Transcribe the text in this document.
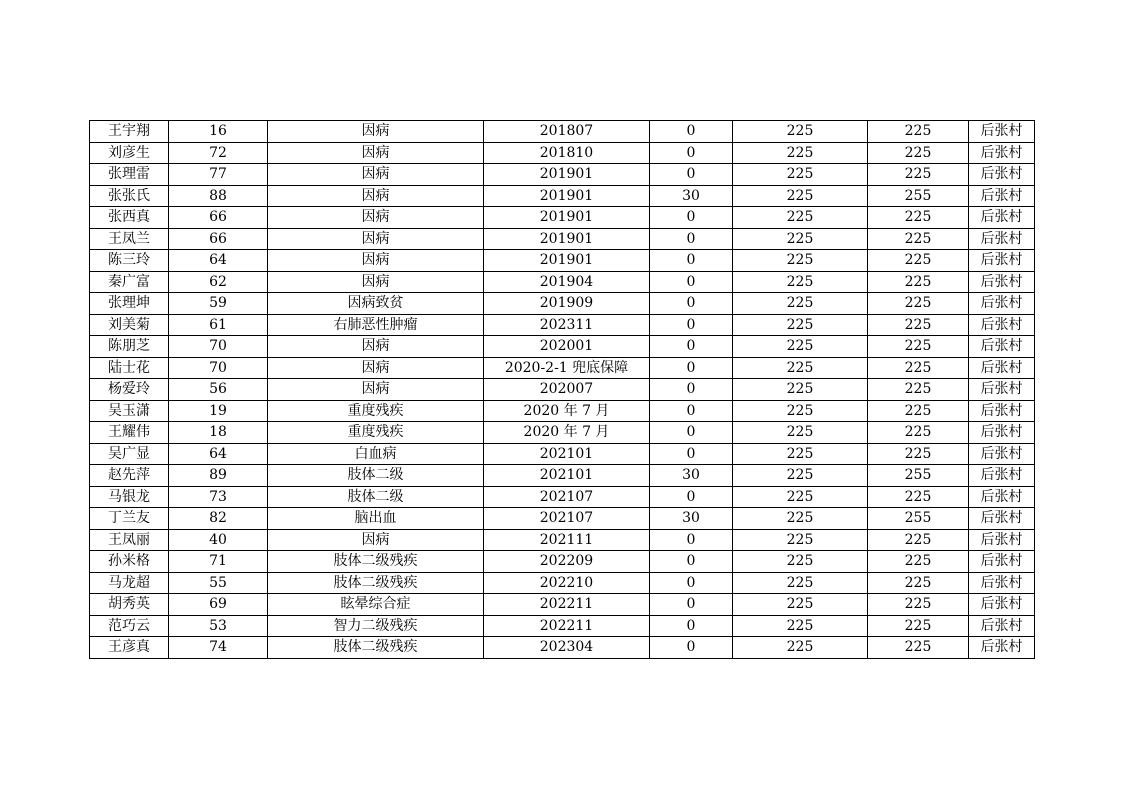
王宇翔	16	因病	201807	0	225	225	后张村
刘彦生	72	因病	201810	0	225	225	后张村
张理雷	77	因病	201901	0	225	225	后张村
张张氏	88	因病	201901	30	225	255	后张村
张西真	66	因病	201901	0	225	225	后张村
王凤兰	66	因病	201901	0	225	225	后张村
陈三玲	64	因病	201901	0	225	225	后张村
秦广富	62	因病	201904	0	225	225	后张村
张理坤	59	因病致贫	201909	0	225	225	后张村
刘美菊	61	右肺恶性肿瘤	202311	0	225	225	后张村
陈朋芝	70	因病	202001	0	225	225	后张村
陆士花	70	因病	2020-2-1 兜底保障	0	225	225	后张村
杨爱玲	56	因病	202007	0	225	225	后张村
吴玉潇	19	重度残疾	2020 年 7 月	0	225	225	后张村
王耀伟	18	重度残疾	2020 年 7 月	0	225	225	后张村
吴广显	64	白血病	202101	0	225	225	后张村
赵先萍	89	肢体二级	202101	30	225	255	后张村
马银龙	73	肢体二级	202107	0	225	225	后张村
丁兰友	82	脑出血	202107	30	225	255	后张村
王凤丽	40	因病	202111	0	225	225	后张村
孙米格	71	肢体二级残疾	202209	0	225	225	后张村
马龙超	55	肢体二级残疾	202210	0	225	225	后张村
胡秀英	69	眩晕综合症	202211	0	225	225	后张村
范巧云	53	智力二级残疾	202211	0	225	225	后张村
王彦真	74	肢体二级残疾	202304	0	225	225	后张村
